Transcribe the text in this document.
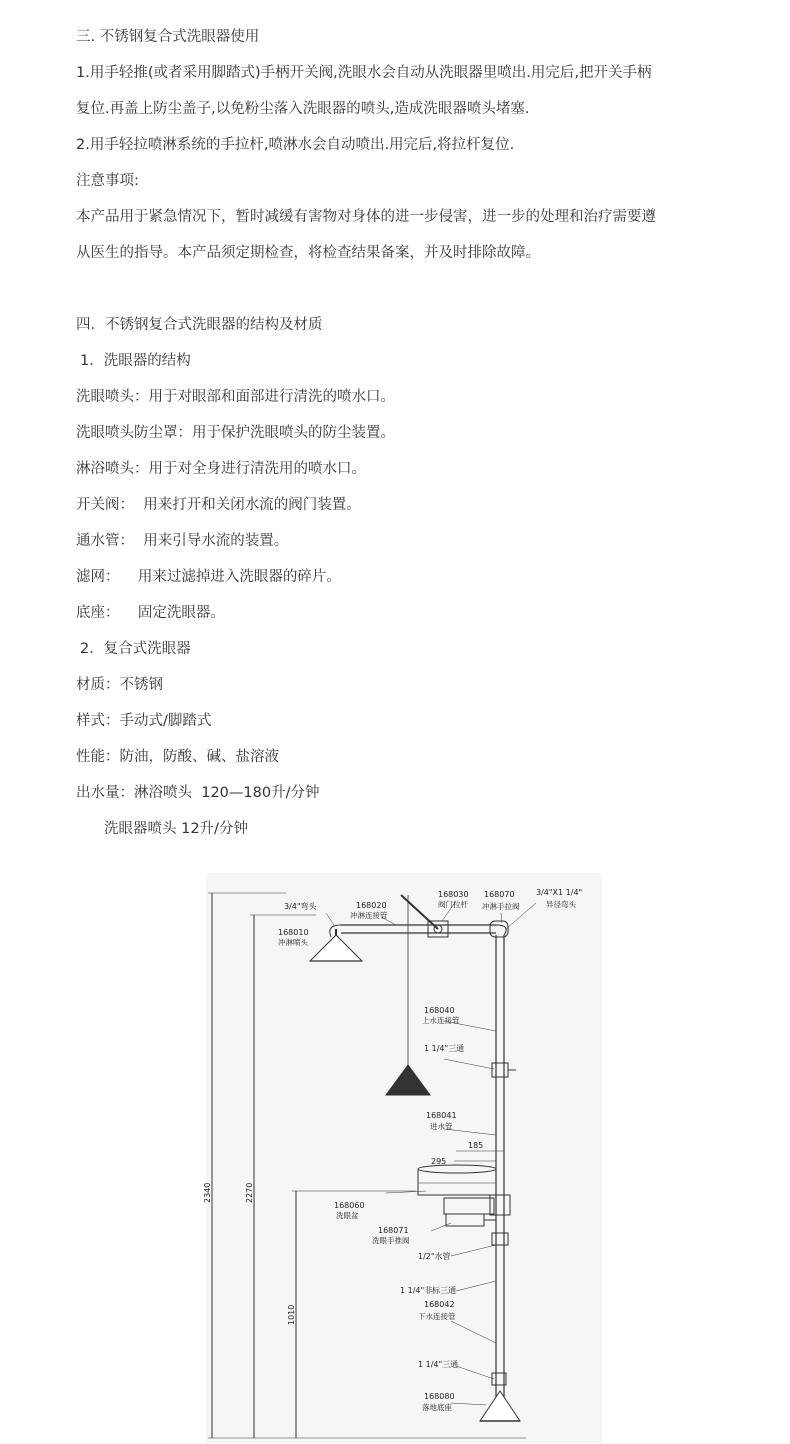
三. 不锈钢复合式洗眼器使用
1.用手轻推(或者采用脚踏式)手柄开关阀,洗眼水会自动从洗眼器里喷出.用完后,把开关手柄
复位.再盖上防尘盖子,以免粉尘落入洗眼器的喷头,造成洗眼器喷头堵塞.
2.用手轻拉喷淋系统的手拉杆,喷淋水会自动喷出.用完后,将拉杆复位.
注意事项:
本产品用于紧急情况下，暂时减缓有害物对身体的进一步侵害，进一步的处理和治疗需要遵
从医生的指导。本产品须定期检查，将检查结果备案，并及时排除故障。
四．不锈钢复合式洗眼器的结构及材质
1．洗眼器的结构
洗眼喷头：用于对眼部和面部进行清洗的喷水口。
洗眼喷头防尘罩：用于保护洗眼喷头的防尘装置。
淋浴喷头：用于对全身进行清洗用的喷水口。
开关阀：  用来打开和关闭水流的阀门装置。
通水管：  用来引导水流的装置。
滤网：    用来过滤掉进入洗眼器的碎片。
底座：    固定洗眼器。
2．复合式洗眼器
材质：不锈钢
样式：手动式/脚踏式
性能：防油，防酸、碱、盐溶液
出水量：淋浴喷头  120—180升/分钟
洗眼器喷头 12升/分钟
3/4"弯头	168020
冲淋连接管
168030
阀门拉杆
168070
冲淋手拉阀
3/4"X1 1/4"
异径弯头
168010
冲淋喷头
168040
上水连接管
1 1/4"三通
168041
进水管
185
295
168060
洗眼盆
168071
洗眼手推阀
1/2"水管
1 1/4"非标三通
168042
下水连接管
1 1/4"三通
168080
落地底座
2340	2270
1010
